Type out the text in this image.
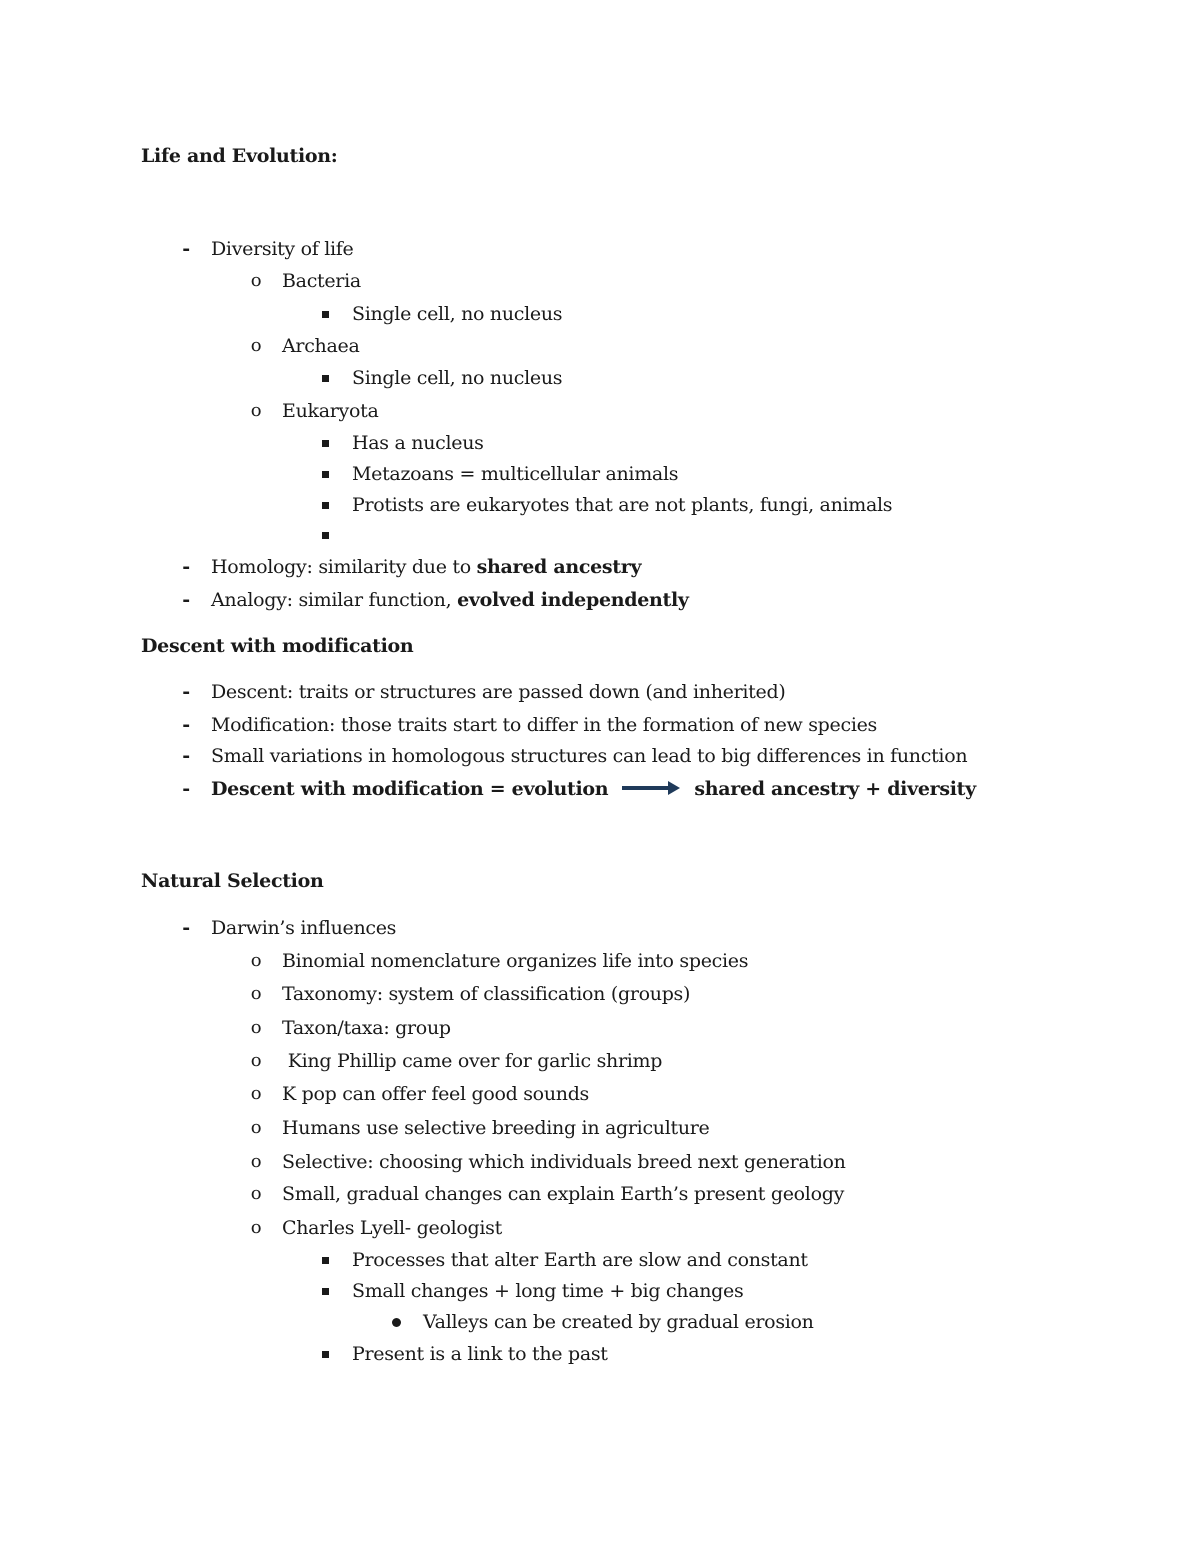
Life and Evolution:
-	Diversity of life
o Bacteria
Single cell, no nucleus
o Archaea
Single cell, no nucleus
o Eukaryota
Has a nucleus
Metazoans = multicellular animals
Protists are eukaryotes that are not plants, fungi, animals
-	Homology: similarity due to shared ancestry
-	Analogy: similar function, evolved independently
Descent with modification
-	Descent: traits or structures are passed down (and inherited)
-	Modification: those traits start to differ in the formation of new species
-	Small variations in homologous structures can lead to big differences in function
-	Descent with modification = evolution	shared ancestry + diversity
Natural Selection
-	Darwin’s influences
o Binomial nomenclature organizes life into species
o Taxonomy: system of classification (groups)
o Taxon/taxa: group
o King Phillip came over for garlic shrimp
o K pop can offer feel good sounds
o Humans use selective breeding in agriculture
o Selective: choosing which individuals breed next generation
o Small, gradual changes can explain Earth’s present geology
o Charles Lyell- geologist
Processes that alter Earth are slow and constant
Small changes + long time + big changes
Valleys can be created by gradual erosion
Present is a link to the past
